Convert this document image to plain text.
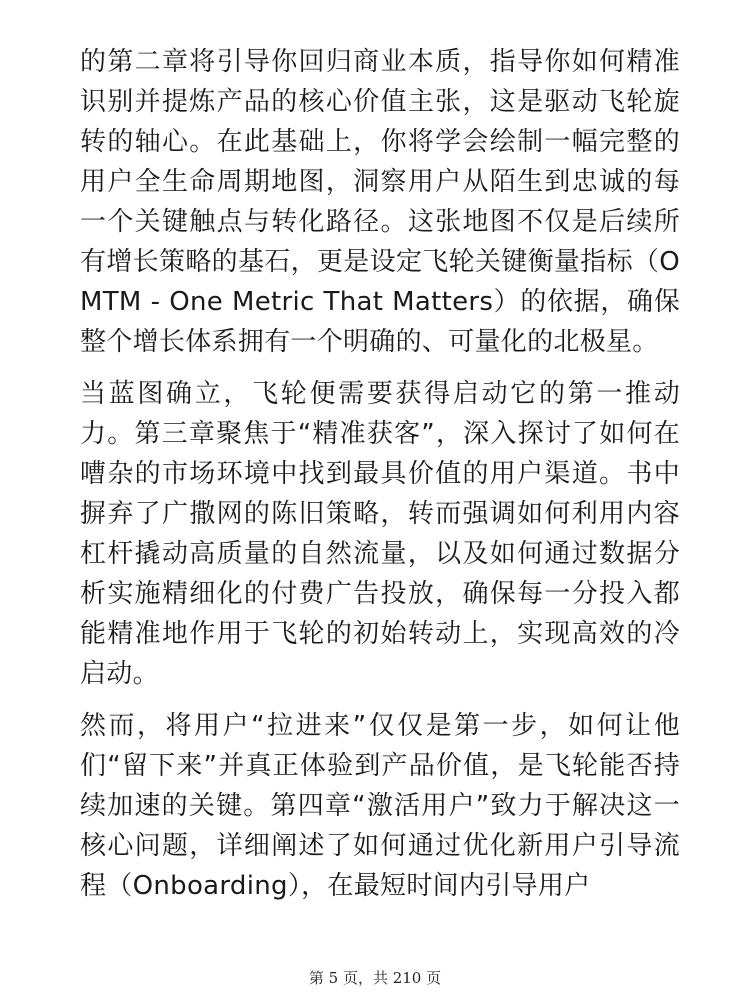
的第二章将引导你回归商业本质，指导你如何精准识别并提炼产品的核心价值主张，这是驱动飞轮旋转的轴心。在此基础上，你将学会绘制一幅完整的用户全生命周期地图，洞察用户从陌生到忠诚的每一个关键触点与转化路径。这张地图不仅是后续所有增长策略的基石，更是设定飞轮关键衡量指标（OMTM - One Metric That Matters）的依据，确保整个增长体系拥有一个明确的、可量化的北极星。

当蓝图确立，飞轮便需要获得启动它的第一推动力。第三章聚焦于“精准获客”，深入探讨了如何在嘈杂的市场环境中找到最具价值的用户渠道。书中摒弃了广撒网的陈旧策略，转而强调如何利用内容杠杆撬动高质量的自然流量，以及如何通过数据分析实施精细化的付费广告投放，确保每一分投入都能精准地作用于飞轮的初始转动上，实现高效的冷启动。

然而，将用户“拉进来”仅仅是第一步，如何让他们“留下来”并真正体验到产品价值，是飞轮能否持续加速的关键。第四章“激活用户”致力于解决这一核心问题，详细阐述了如何通过优化新用户引导流程（Onboarding），在最短时间内引导用户

第 5 页，共 210 页
